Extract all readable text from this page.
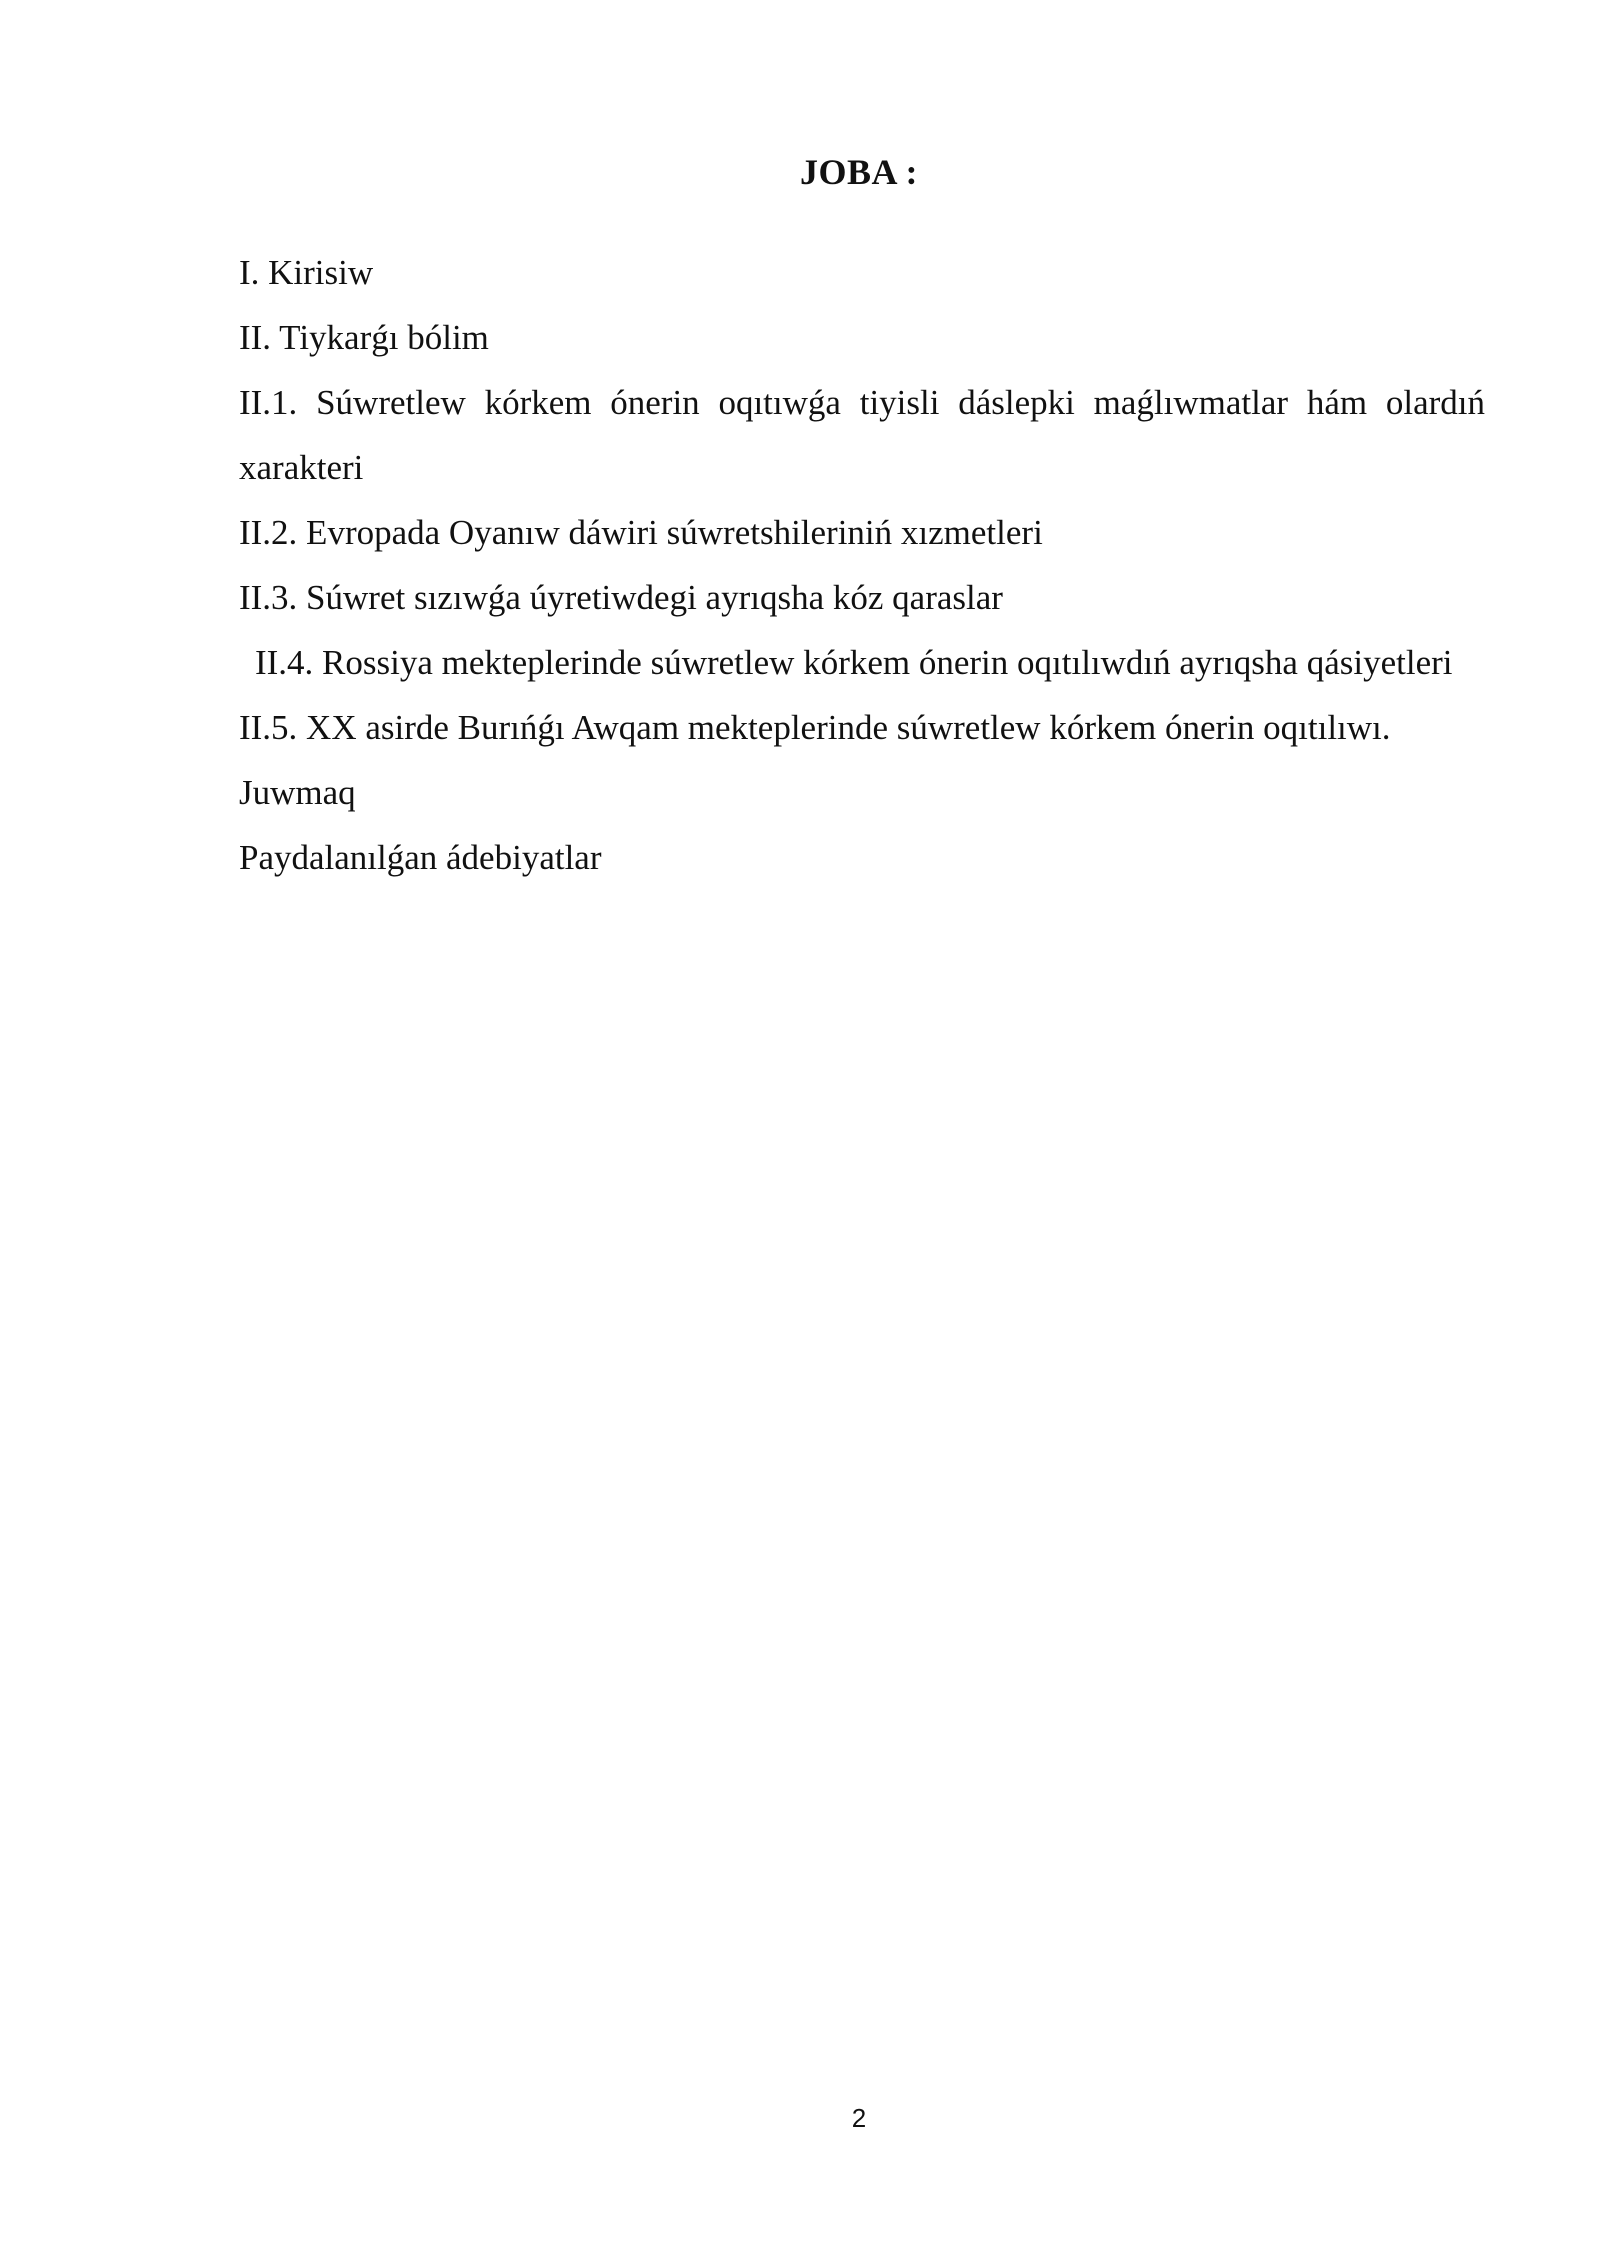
JOBA :
I. Kirisiw
II. Tiykarǵı bólim
II.1. Súwretlew kórkem ónerin oqıtıwǵa tiyisli dáslepki maǵlıwmatlar hám olardıń xarakteri
II.2. Evropada Oyanıw dáwiri súwretshileriniń xızmetleri
II.3. Súwret sızıwǵa úyretiwdegi ayrıqsha kóz qaraslar
II.4. Rossiya mekteplerinde súwretlew kórkem ónerin oqıtılıwdıń ayrıqsha qásiyetleri
II.5. XX asirde Burıńǵı Awqam mekteplerinde súwretlew kórkem ónerin oqıtılıwı.
Juwmaq
Paydalanılǵan ádebiyatlar
2
